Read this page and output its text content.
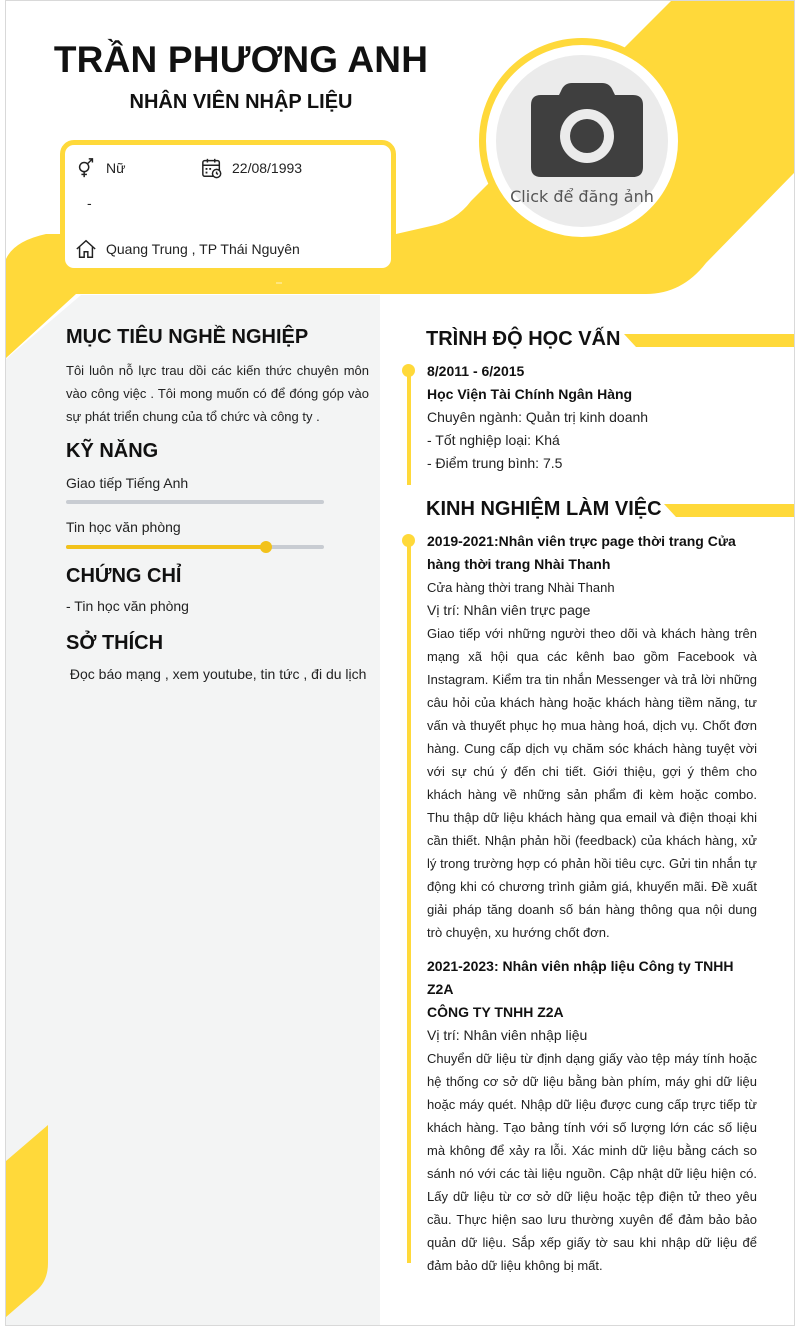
TRẦN PHƯƠNG ANH
NHÂN VIÊN NHẬP LIỆU
Nữ	22/08/1993
-
Quang Trung , TP Thái Nguyên
Click để đăng ảnh
MỤC TIÊU NGHỀ NGHIỆP
Tôi luôn nỗ lực trau dồi các kiến thức chuyên môn vào công việc . Tôi mong muốn có để đóng góp vào sự phát triển chung của tổ chức và công ty .
KỸ NĂNG
Giao tiếp Tiếng Anh
Tin học văn phòng
CHỨNG CHỈ
- Tin học văn phòng
SỞ THÍCH
Đọc báo mạng , xem youtube, tin tức , đi du lịch
TRÌNH ĐỘ HỌC VẤN
8/2011 - 6/2015
Học Viện Tài Chính Ngân Hàng
Chuyên ngành: Quản trị kinh doanh
- Tốt nghiệp loại: Khá
- Điểm trung bình: 7.5
KINH NGHIỆM LÀM VIỆC
2019-2021:Nhân viên trực page thời trang Cửa hàng thời trang Nhài Thanh
Cửa hàng thời trang Nhài Thanh
Vị trí: Nhân viên trực page
Giao tiếp với những người theo dõi và khách hàng trên mạng xã hội qua các kênh bao gồm Facebook và Instagram. Kiểm tra tin nhắn Messenger và trả lời những câu hỏi của khách hàng hoặc khách hàng tiềm năng, tư vấn và thuyết phục họ mua hàng hoá, dịch vụ. Chốt đơn hàng. Cung cấp dịch vụ chăm sóc khách hàng tuyệt vời với sự chú ý đến chi tiết. Giới thiệu, gợi ý thêm cho khách hàng về những sản phẩm đi kèm hoặc combo. Thu thập dữ liệu khách hàng qua email và điện thoại khi cần thiết. Nhận phản hồi (feedback) của khách hàng, xử lý trong trường hợp có phản hồi tiêu cực. Gửi tin nhắn tự động khi có chương trình giảm giá, khuyến mãi. Đề xuất giải pháp tăng doanh số bán hàng thông qua nội dung trò chuyện, xu hướng chốt đơn.
2021-2023: Nhân viên nhập liệu Công ty TNHH Z2A
CÔNG TY TNHH Z2A
Vị trí: Nhân viên nhập liệu
Chuyển dữ liệu từ định dạng giấy vào tệp máy tính hoặc hệ thống cơ sở dữ liệu bằng bàn phím, máy ghi dữ liệu hoặc máy quét. Nhập dữ liệu được cung cấp trực tiếp từ khách hàng. Tạo bảng tính với số lượng lớn các số liệu mà không để xảy ra lỗi. Xác minh dữ liệu bằng cách so sánh nó với các tài liệu nguồn. Cập nhật dữ liệu hiện có. Lấy dữ liệu từ cơ sở dữ liệu hoặc tệp điện tử theo yêu cầu. Thực hiện sao lưu thường xuyên để đảm bảo bảo quản dữ liệu. Sắp xếp giấy tờ sau khi nhập dữ liệu để đảm bảo dữ liệu không bị mất.
